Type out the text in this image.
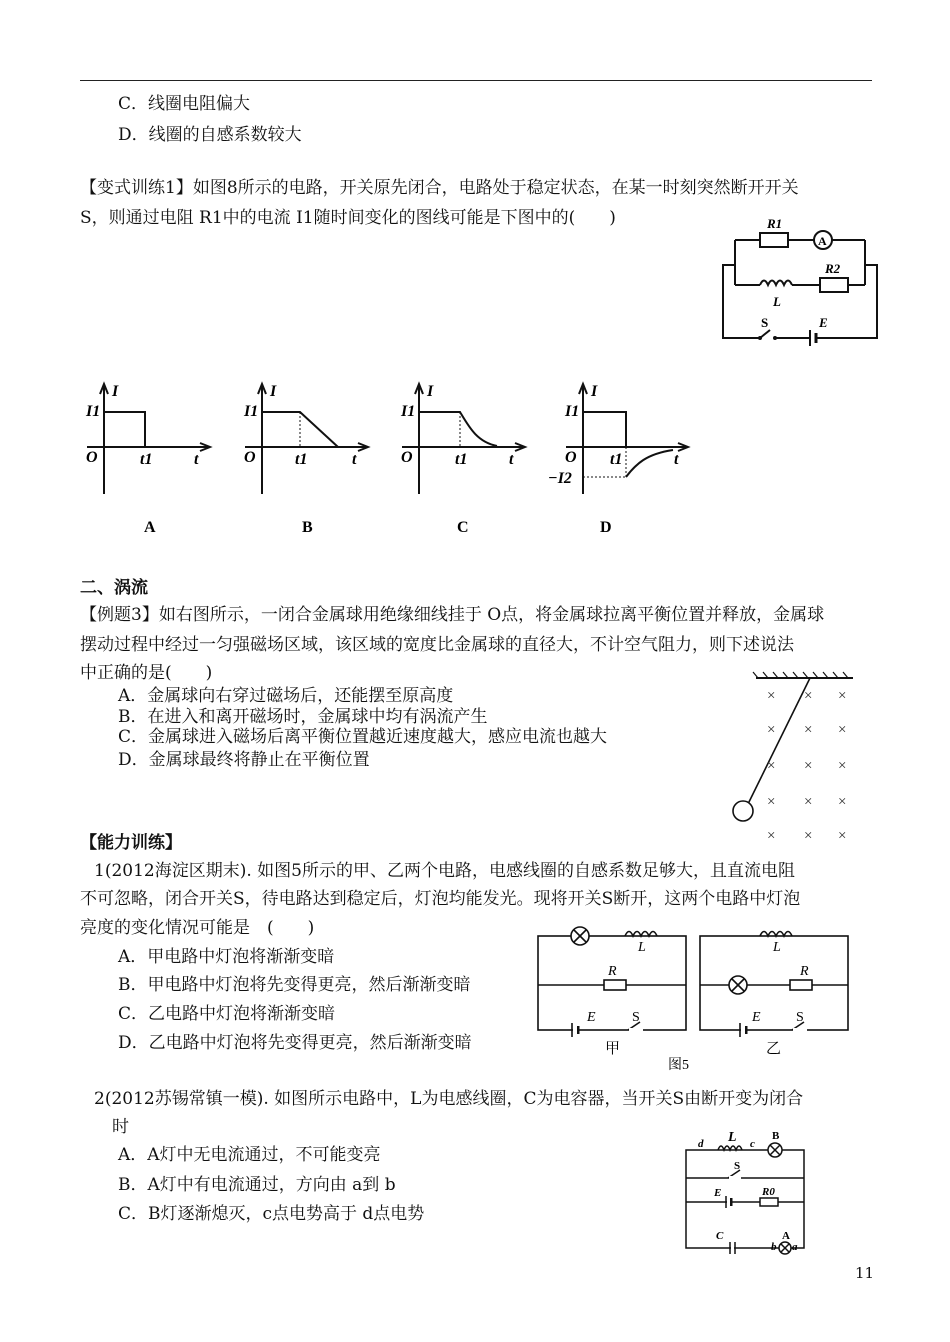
C．线圈电阻偏大
D．线圈的自感系数较大
【变式训练1】如图8所示的电路，开关原先闭合，电路处于稳定状态，在某一时刻突然断开开关
S，则通过电阻 R1中的电流 I1随时间变化的图线可能是下图中的(　　)	R1
A
L
R2
S	E
I
I1
O	t1	t
A
I
I1
O t1	t
B
I
I1
O	t1	t
C
I
I1
O t1	t
−I2
D
二、涡流
【例题3】如右图所示，一闭合金属球用绝缘细线挂于 O点，将金属球拉离平衡位置并释放，金属球
摆动过程中经过一匀强磁场区域，该区域的宽度比金属球的直径大，不计空气阻力，则下述说法
中正确的是(　　)
A．金属球向右穿过磁场后，还能摆至原高度
B．在进入和离开磁场时，金属球中均有涡流产生
C．金属球进入磁场后离平衡位置越近速度越大，感应电流也越大
D．金属球最终将静止在平衡位置
× × ×
× × ×
× × ×
× × ×
× × ×
【能力训练】
1(2012海淀区期末). 如图5所示的甲、乙两个电路，电感线圈的自感系数足够大，且直流电阻
不可忽略，闭合开关S，待电路达到稳定后，灯泡均能发光。现将开关S断开，这两个电路中灯泡
亮度的变化情况可能是　(　　)
A．甲电路中灯泡将渐渐变暗
B．甲电路中灯泡将先变得更亮，然后渐渐变暗
C．乙电路中灯泡将渐渐变暗
D．乙电路中灯泡将先变得更亮，然后渐渐变暗
L
R
E
L
R
E
S	S
甲	乙
图5
2(2012苏锡常镇一模). 如图所示电路中，L为电感线圈，C为电容器，当开关S由断开变为闭合
时
A．A灯中无电流通过，不可能变亮
B．A灯中有电流通过，方向由 a到 b
C．B灯逐渐熄灭，c点电势高于 d点电势
d L c
E	R0
C
b a
B
S
A
11
